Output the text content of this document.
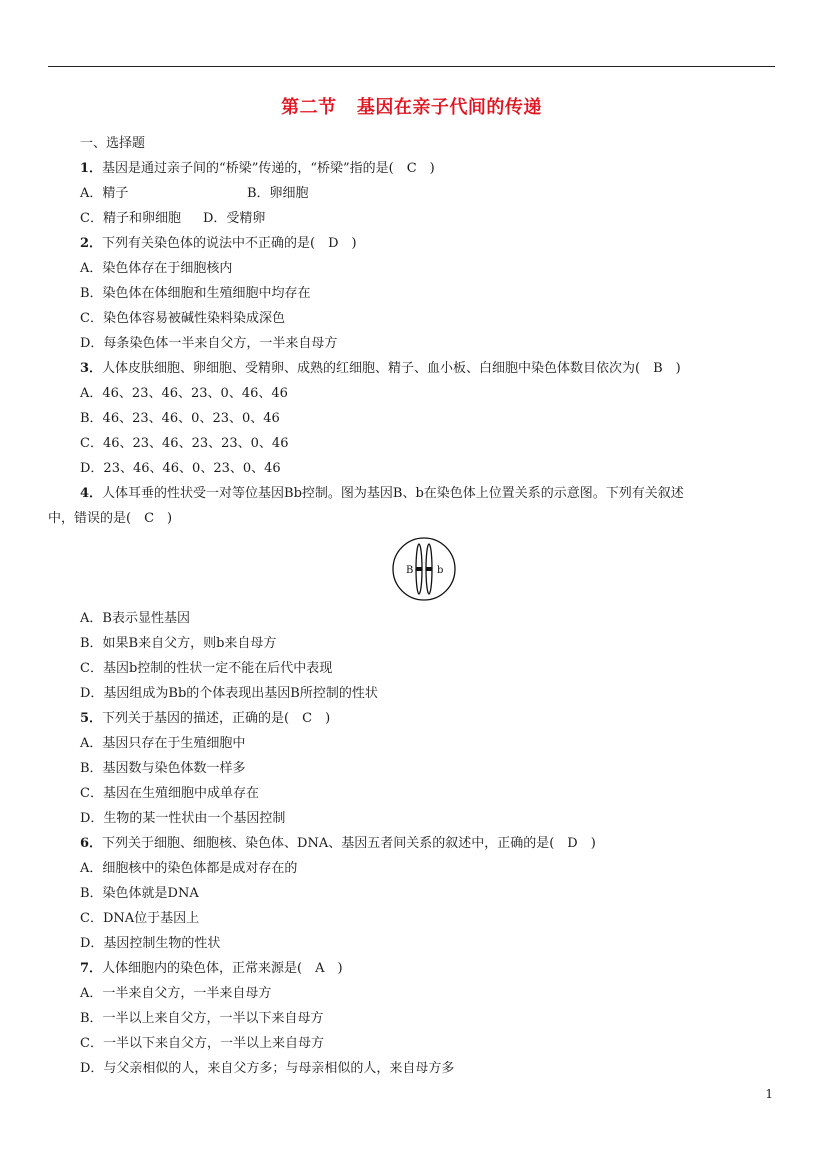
第二节   基因在亲子代间的传递
一、选择题
1．基因是通过亲子间的“桥梁”传递的，“桥梁”指的是(　C　)
A．精子	B．卵细胞
C．精子和卵细胞 D．受精卵
2．下列有关染色体的说法中不正确的是(　D　)
A．染色体存在于细胞核内
B．染色体在体细胞和生殖细胞中均存在
C．染色体容易被碱性染料染成深色
D．每条染色体一半来自父方，一半来自母方
3．人体皮肤细胞、卵细胞、受精卵、成熟的红细胞、精子、血小板、白细胞中染色体数目依次为(　B　)
A．46、23、46、23、0、46、46
B．46、23、46、0、23、0、46
C．46、23、46、23、23、0、46
D．23、46、46、0、23、0、46
4．人体耳垂的性状受一对等位基因Bb控制。图为基因B、b在染色体上位置关系的示意图。下列有关叙述
中，错误的是(　C　)
B b
A．B表示显性基因
B．如果B来自父方，则b来自母方
C．基因b控制的性状一定不能在后代中表现
D．基因组成为Bb的个体表现出基因B所控制的性状
5．下列关于基因的描述，正确的是(　C　)
A．基因只存在于生殖细胞中
B．基因数与染色体数一样多
C．基因在生殖细胞中成单存在
D．生物的某一性状由一个基因控制
6．下列关于细胞、细胞核、染色体、DNA、基因五者间关系的叙述中，正确的是(　D　)
A．细胞核中的染色体都是成对存在的
B．染色体就是DNA
C．DNA位于基因上
D．基因控制生物的性状
7．人体细胞内的染色体，正常来源是(　A　)
A．一半来自父方，一半来自母方
B．一半以上来自父方，一半以下来自母方
C．一半以下来自父方，一半以上来自母方
D．与父亲相似的人，来自父方多；与母亲相似的人，来自母方多
1
